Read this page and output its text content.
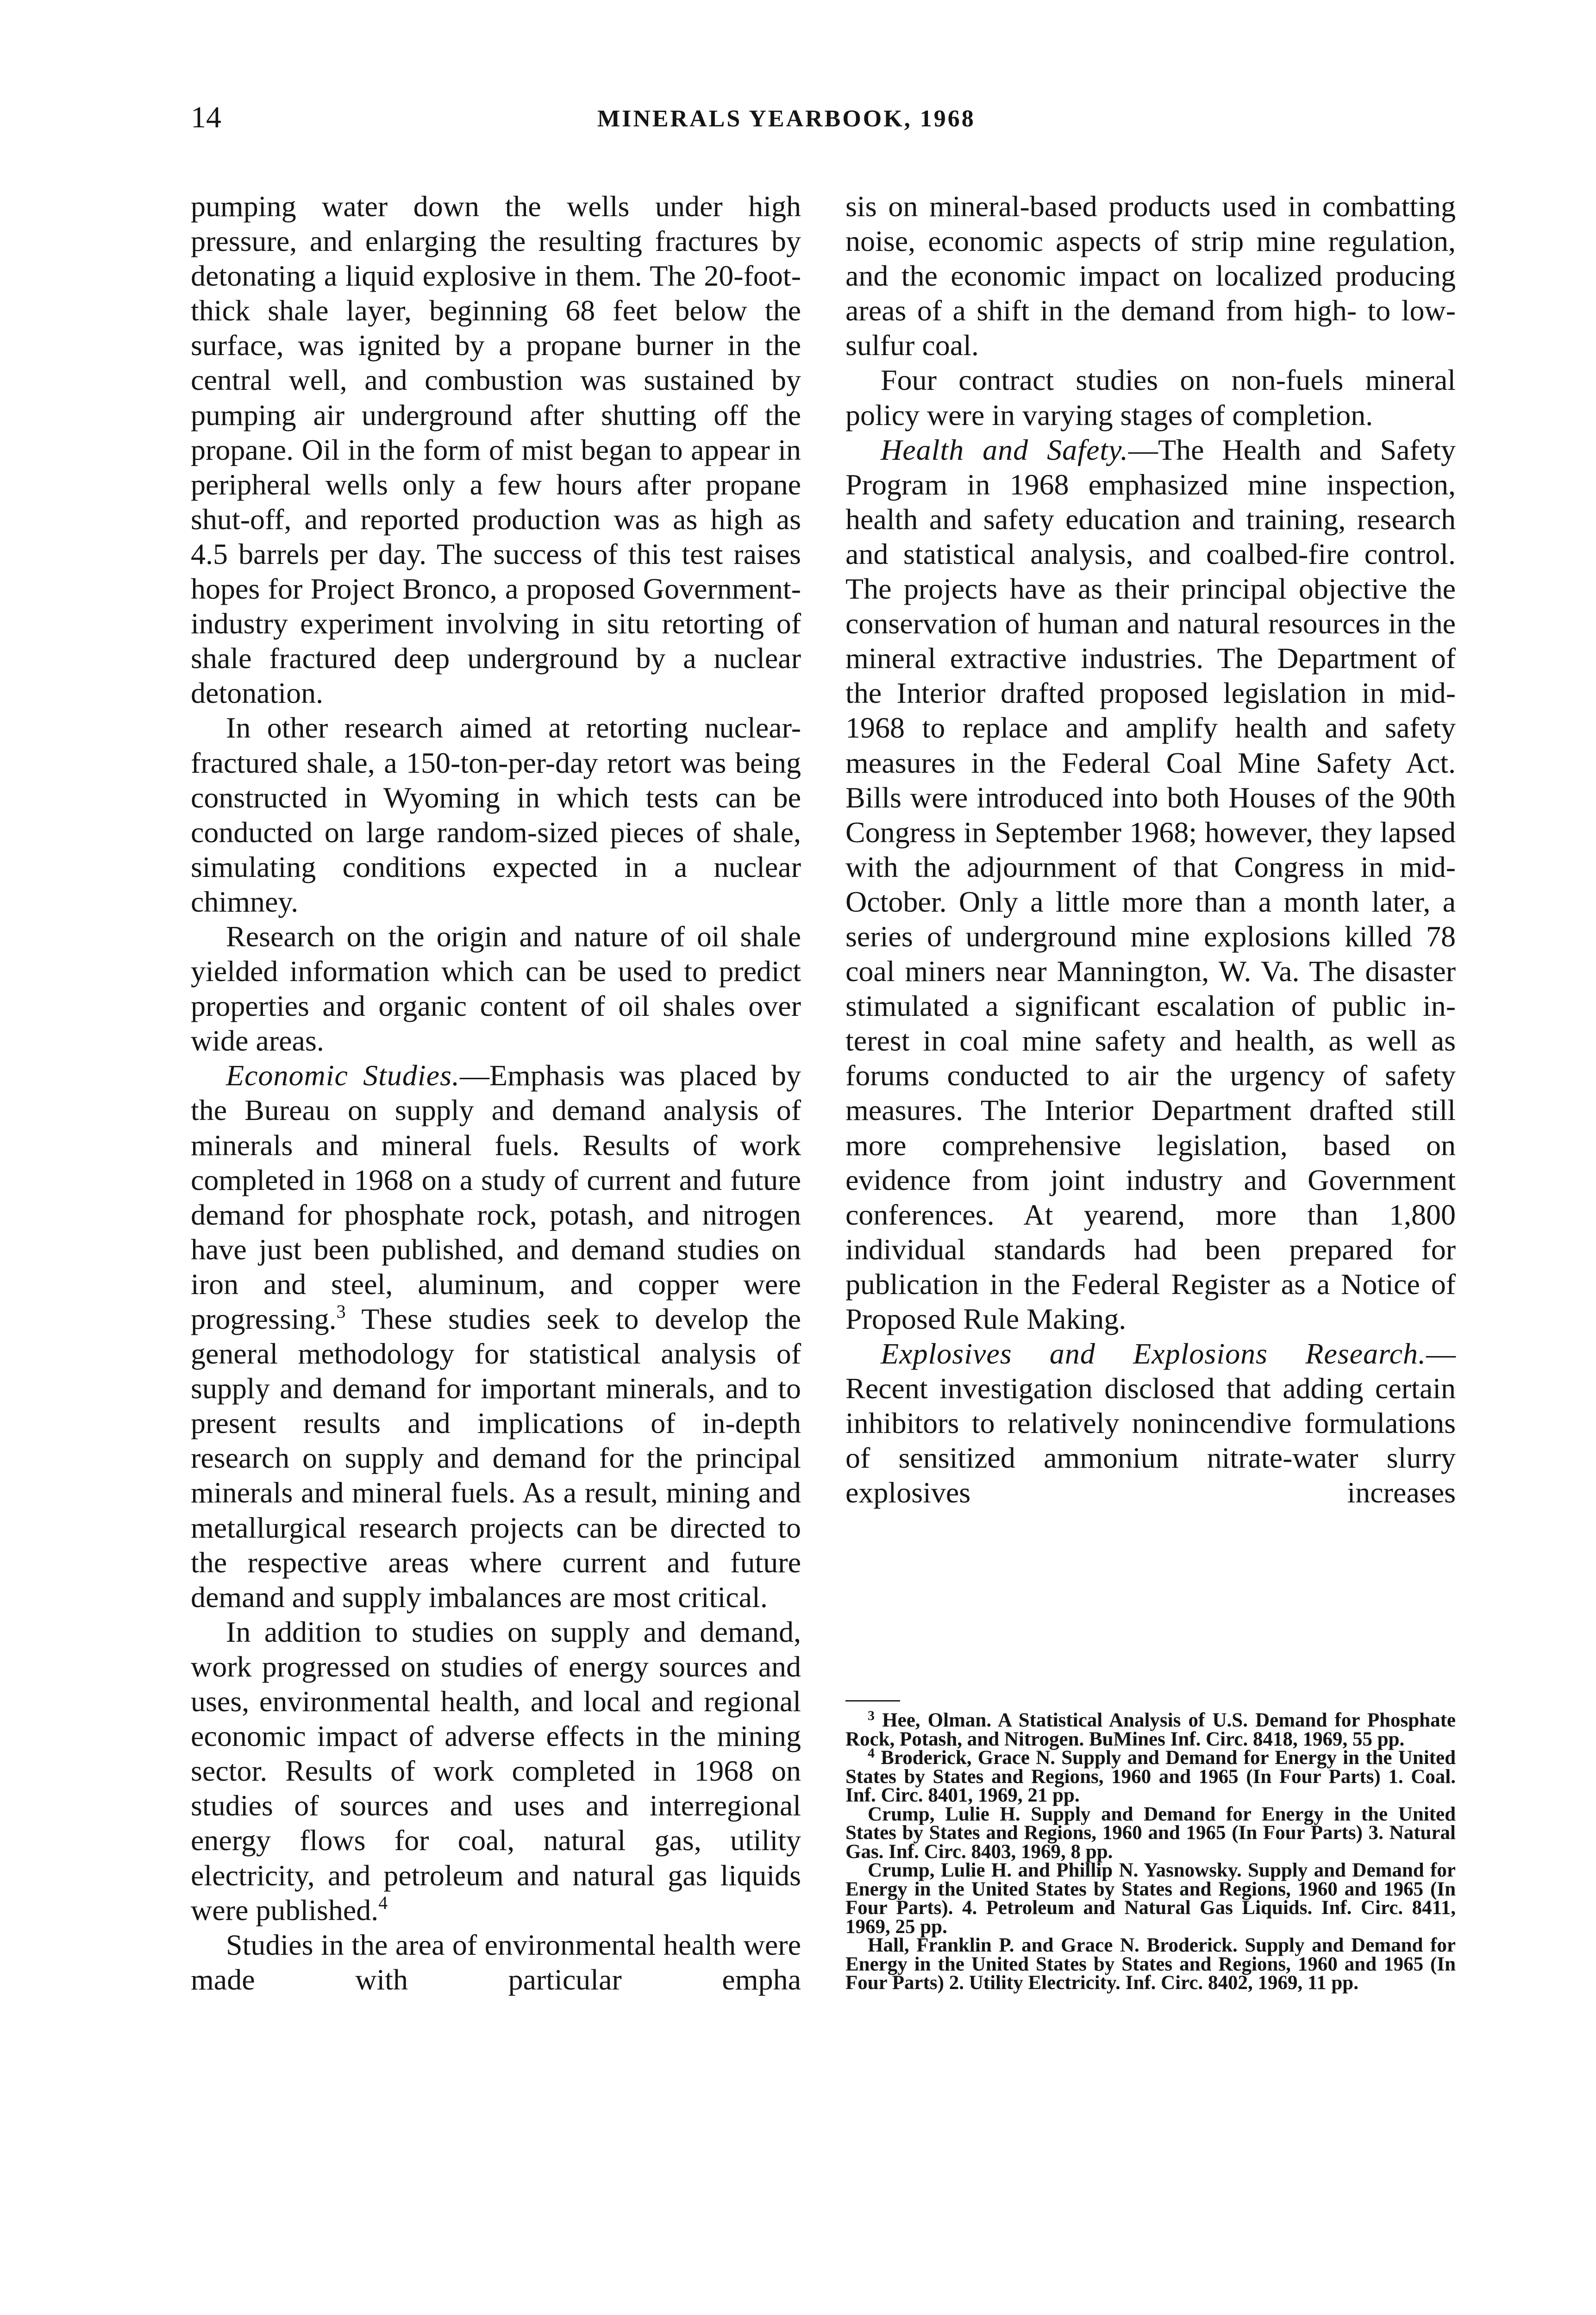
14	MINERALS YEARBOOK, 1968

pumping water down the wells under high pressure, and enlarging the resulting fractures by detonating a liquid explosive in them. The 20-foot-thick shale layer, beginning 68 feet below the surface, was ignited by a propane burner in the central well, and combustion was sustained by pumping air underground after shutting off the propane. Oil in the form of mist began to appear in peripheral wells only a few hours after propane shut-off, and reported production was as high as 4.5 barrels per day. The success of this test raises hopes for Project Bronco, a proposed Government-industry experiment involving in situ retorting of shale fractured deep underground by a nuclear detonation.

In other research aimed at retorting nuclear-fractured shale, a 150-ton-per-day retort was being constructed in Wyoming in which tests can be conducted on large random-sized pieces of shale, simulating conditions expected in a nuclear chimney.

Research on the origin and nature of oil shale yielded information which can be used to predict properties and organic content of oil shales over wide areas.

Economic Studies.—Emphasis was placed by the Bureau on supply and demand analysis of minerals and mineral fuels. Results of work completed in 1968 on a study of current and future demand for phosphate rock, potash, and nitrogen have just been published, and demand studies on iron and steel, aluminum, and copper were progressing.$^3$ These studies seek to develop the general methodology for statistical analysis of supply and demand for important minerals, and to present results and implications of in-depth research on supply and demand for the principal minerals and mineral fuels. As a result, mining and metallurgical research projects can be directed to the respective areas where current and future demand and supply imbalances are most critical.

In addition to studies on supply and demand, work progressed on studies of energy sources and uses, environmental health, and local and regional economic impact of adverse effects in the mining sector. Results of work completed in 1968 on studies of sources and uses and interregional energy flows for coal, natural gas, utility electricity, and petroleum and natural gas liquids were published.$^4$

Studies in the area of environmental health were made with particular empha

sis on mineral-based products used in combatting noise, economic aspects of strip mine regulation, and the economic impact on localized producing areas of a shift in the demand from high- to low-sulfur coal.

Four contract studies on non-fuels mineral policy were in varying stages of completion.

Health and Safety.—The Health and Safety Program in 1968 emphasized mine inspection, health and safety education and training, research and statistical analysis, and coalbed-fire control. The projects have as their principal objective the conservation of human and natural resources in the mineral extractive industries. The Department of the Interior drafted proposed legislation in mid-1968 to replace and amplify health and safety measures in the Federal Coal Mine Safety Act. Bills were introduced into both Houses of the 90th Congress in September 1968; however, they lapsed with the adjournment of that Congress in mid-October. Only a little more than a month later, a series of underground mine explosions killed 78 coal miners near Mannington, W. Va. The disaster stimulated a significant escalation of public interest in coal mine safety and health, as well as forums conducted to air the urgency of safety measures. The Interior Department drafted still more comprehensive legislation, based on evidence from joint industry and Government conferences. At yearend, more than 1,800 individual standards had been prepared for publication in the Federal Register as a Notice of Proposed Rule Making.

Explosives and Explosions Research.— Recent investigation disclosed that adding certain inhibitors to relatively nonincendive formulations of sensitized ammonium nitrate-water slurry explosives increases

$^3$ Hee, Olman. A Statistical Analysis of U.S. Demand for Phosphate Rock, Potash, and Nitrogen. BuMines Inf. Circ. 8418, 1969, 55 pp.

$^4$ Broderick, Grace N. Supply and Demand for Energy in the United States by States and Regions, 1960 and 1965 (In Four Parts) 1. Coal. Inf. Circ. 8401, 1969, 21 pp.

Crump, Lulie H. Supply and Demand for Energy in the United States by States and Regions, 1960 and 1965 (In Four Parts) 3. Natural Gas. Inf. Circ. 8403, 1969, 8 pp.

Crump, Lulie H. and Phillip N. Yasnowsky. Supply and Demand for Energy in the United States by States and Regions, 1960 and 1965 (In Four Parts). 4. Petroleum and Natural Gas Liquids. Inf. Circ. 8411, 1969, 25 pp.

Hall, Franklin P. and Grace N. Broderick. Supply and Demand for Energy in the United States by States and Regions, 1960 and 1965 (In Four Parts) 2. Utility Electricity. Inf. Circ. 8402, 1969, 11 pp.
